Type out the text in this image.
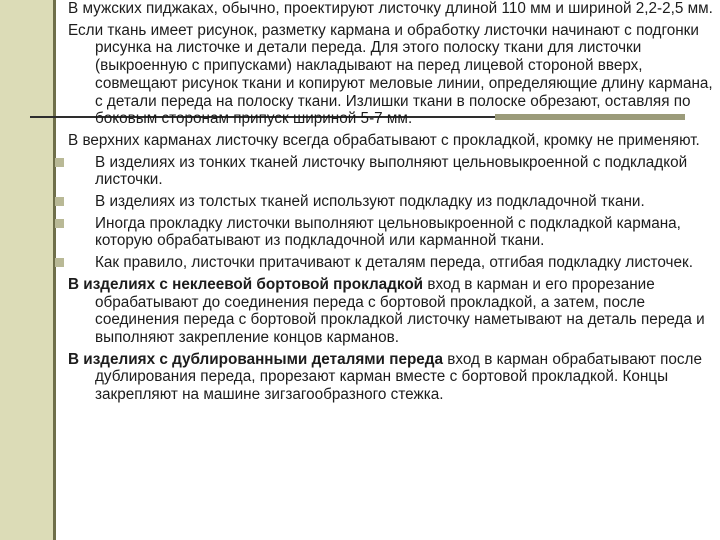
В мужских пиджаках, обычно, проектируют листочку длиной 110 мм и шириной 2,2-2,5 мм.

Если ткань имеет рисунок, разметку кармана и обработку листочки начинают с подгонки рисунка на листочке и детали переда. Для этого полоску ткани для листочки (выкроенную с припусками) накладывают на перед лицевой стороной вверх, совмещают рисунок ткани и копируют меловые линии, определяющие длину кармана, с детали переда на полоску ткани. Излишки ткани в полоске обрезают, оставляя по боковым сторонам припуск шириной 5-7 мм.

В верхних карманах листочку всегда обрабатывают с прокладкой, кромку не применяют.

В изделиях из тонких тканей листочку выполняют цельновыкроенной с подкладкой листочки.
В изделиях из толстых тканей используют подкладку из подкладочной ткани.
Иногда прокладку листочки выполняют цельновыкроенной с подкладкой кармана, которую обрабатывают из подкладочной или карманной ткани.
Как правило, листочки притачивают к деталям переда, отгибая подкладку листочек.

В изделиях с неклеевой бортовой прокладкой вход в карман и его прорезание обрабатывают до соединения переда с бортовой прокладкой, а затем, после соединения переда с бортовой прокладкой листочку наметывают на деталь переда и выполняют закрепление концов карманов.

В изделиях с дублированными деталями переда вход в карман обрабатывают после дублирования переда, прорезают карман вместе с бортовой прокладкой. Концы закрепляют на машине зигзагообразного стежка.
